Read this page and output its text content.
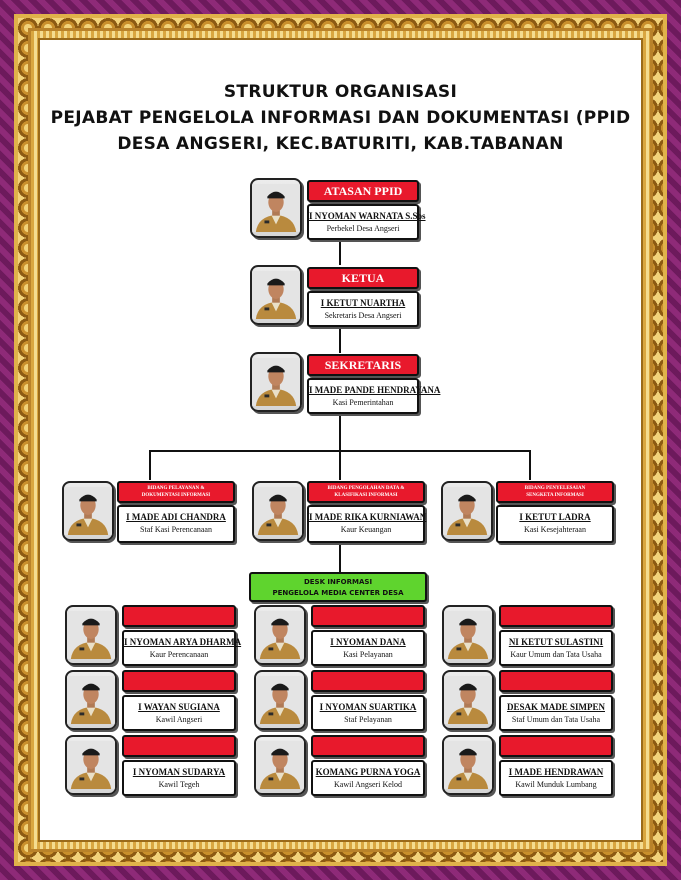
STRUKTUR ORGANISASI
PEJABAT PENGELOLA INFORMASI DAN DOKUMENTASI (PPID
DESA ANGSERI, KEC.BATURITI, KAB.TABANAN
ATASAN PPID
I NYOMAN WARNATA S.Sos
Perbekel Desa Angseri
KETUA
I KETUT NUARTHA
Sekretaris Desa Angseri
SEKRETARIS
I MADE PANDE HENDRAYANA
Kasi Pemerintahan
BIDANG PELAYANAN &
DOKUMENTASI INFORMASI
I MADE ADI CHANDRA
Staf Kasi Perencanaan
BIDANG PENGOLAHAN DATA &
KLASIFIKASI INFORMASI
I MADE RIKA KURNIAWAN
Kaur Keuangan
BIDANG PENYELESAIAN
SENGKETA INFORMASI
I KETUT LADRA
Kasi Kesejahteraan
DESK INFORMASI
PENGELOLA MEDIA CENTER DESA
I NYOMAN ARYA DHARMA
Kaur Perencanaan
I WAYAN SUGIANA
Kawil Angseri
I NYOMAN SUDARYA
Kawil Tegeh
I NYOMAN DANA
Kasi Pelayanan
I NYOMAN SUARTIKA
Staf Pelayanan
KOMANG PURNA YOGA
Kawil Angseri Kelod
NI KETUT SULASTINI
Kaur Umum dan Tata Usaha
DESAK MADE SIMPEN
Staf Umum dan Tata Usaha
I MADE HENDRAWAN
Kawil Munduk Lumbang
